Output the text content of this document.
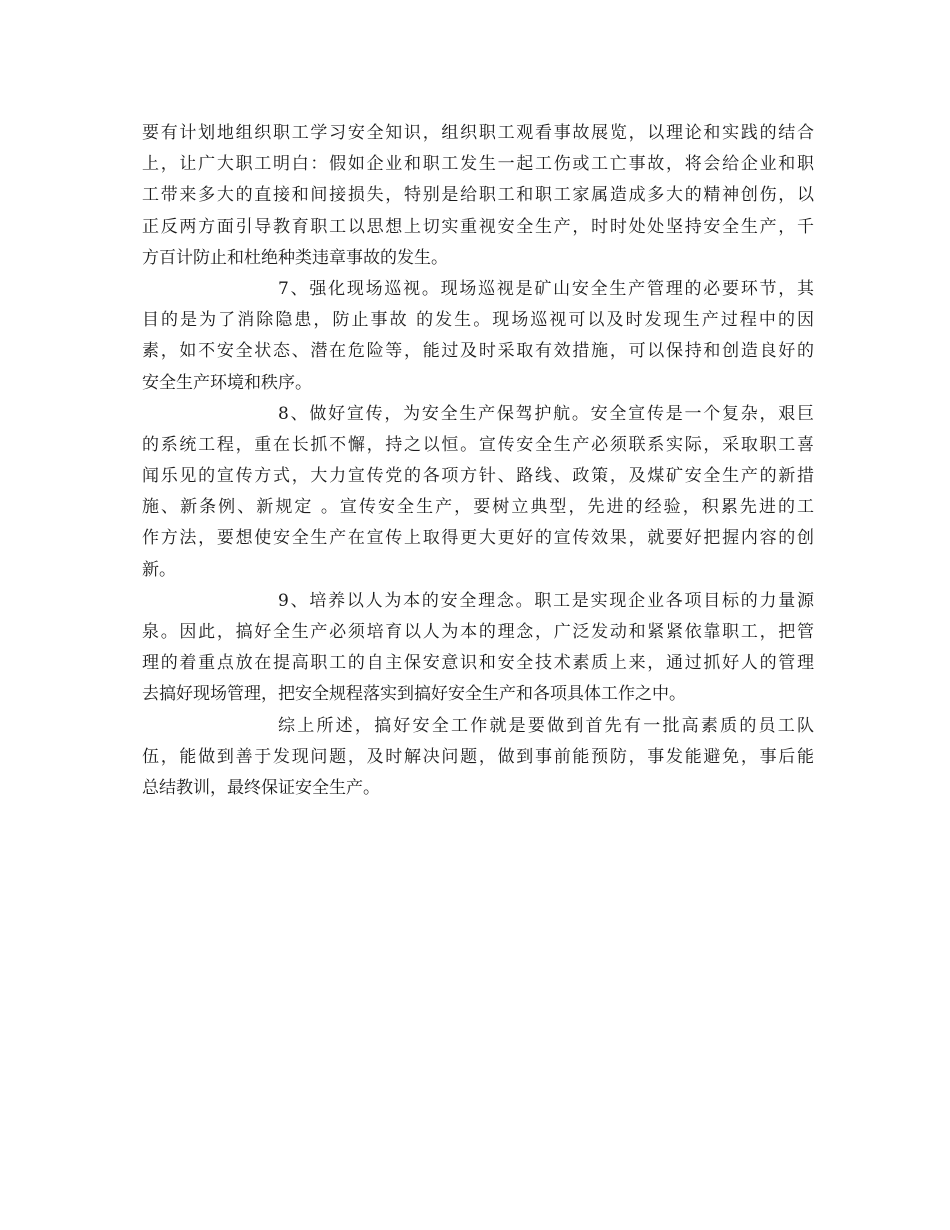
要有计划地组织职工学习安全知识，组织职工观看事故展览，以理论和实践的结合
上，让广大职工明白：假如企业和职工发生一起工伤或工亡事故，将会给企业和职
工带来多大的直接和间接损失，特别是给职工和职工家属造成多大的精神创伤，以
正反两方面引导教育职工以思想上切实重视安全生产，时时处处坚持安全生产，千
方百计防止和杜绝种类违章事故的发生。
7、强化现场巡视。现场巡视是矿山安全生产管理的必要环节，其
目的是为了消除隐患，防止事故 的发生。现场巡视可以及时发现生产过程中的因
素，如不安全状态、潜在危险等，能过及时采取有效措施，可以保持和创造良好的
安全生产环境和秩序。
8、做好宣传，为安全生产保驾护航。安全宣传是一个复杂，艰巨
的系统工程，重在长抓不懈，持之以恒。宣传安全生产必须联系实际，采取职工喜
闻乐见的宣传方式，大力宣传党的各项方针、路线、政策，及煤矿安全生产的新措
施、新条例、新规定 。宣传安全生产，要树立典型，先进的经验，积累先进的工
作方法，要想使安全生产在宣传上取得更大更好的宣传效果，就要好把握内容的创
新。
9、培养以人为本的安全理念。职工是实现企业各项目标的力量源
泉。因此，搞好全生产必须培育以人为本的理念，广泛发动和紧紧依靠职工，把管
理的着重点放在提高职工的自主保安意识和安全技术素质上来，通过抓好人的管理
去搞好现场管理，把安全规程落实到搞好安全生产和各项具体工作之中。
综上所述，搞好安全工作就是要做到首先有一批高素质的员工队
伍，能做到善于发现问题，及时解决问题，做到事前能预防，事发能避免，事后能
总结教训，最终保证安全生产。
